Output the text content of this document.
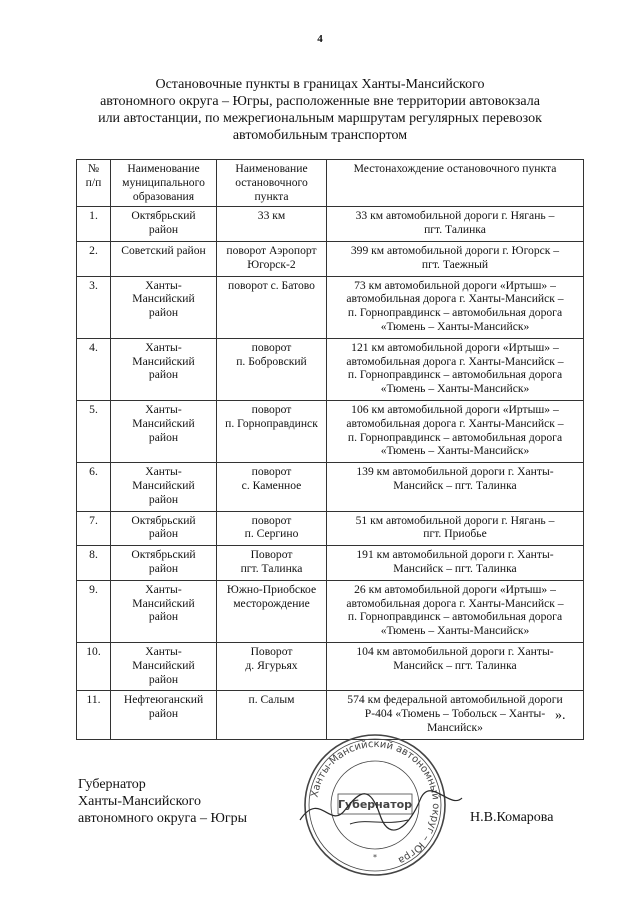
4
Остановочные пункты в границах Ханты-Мансийского
автономного округа – Югры, расположенные вне территории автовокзала
или автостанции, по межрегиональным маршрутам регулярных перевозок
автомобильным транспортом
№
п/п	Наименование
муниципального
образования	Наименование
остановочного
пункта	Местонахождение остановочного пункта
1.	Октябрьский
район	33 км	33 км автомобильной дороги г. Нягань –
пгт. Талинка
2.	Советский район	поворот Аэропорт
Югорск-2	399 км автомобильной дороги г. Югорск –
пгт. Таежный
3.	Ханты-
Мансийский
район	поворот с. Батово	73 км автомобильной дороги «Иртыш» –
автомобильная дорога г. Ханты-Мансийск –
п. Горноправдинск – автомобильная дорога
«Тюмень – Ханты-Мансийск»
4.	Ханты-
Мансийский
район	поворот
п. Бобровский	121 км автомобильной дороги «Иртыш» –
автомобильная дорога г. Ханты-Мансийск –
п. Горноправдинск – автомобильная дорога
«Тюмень – Ханты-Мансийск»
5.	Ханты-
Мансийский
район	поворот
п. Горноправдинск	106 км автомобильной дороги «Иртыш» –
автомобильная дорога г. Ханты-Мансийск –
п. Горноправдинск – автомобильная дорога
«Тюмень – Ханты-Мансийск»
6.	Ханты-
Мансийский
район	поворот
с. Каменное	139 км автомобильной дороги г. Ханты-
Мансийск – пгт. Талинка
7.	Октябрьский
район	поворот
п. Сергино	51 км автомобильной дороги г. Нягань –
пгт. Приобье
8.	Октябрьский
район	Поворот
пгт. Талинка	191 км автомобильной дороги г. Ханты-
Мансийск – пгт. Талинка
9.	Ханты-
Мансийский
район	Южно-Приобское
месторождение	26 км автомобильной дороги «Иртыш» –
автомобильная дорога г. Ханты-Мансийск –
п. Горноправдинск – автомобильная дорога
«Тюмень – Ханты-Мансийск»
10.	Ханты-
Мансийский
район	Поворот
д. Ягурьях	104 км автомобильной дороги г. Ханты-
Мансийск – пгт. Талинка
11.	Нефтеюганский
район	п. Салым	574 км федеральной автомобильной дороги
Р-404 «Тюмень – Тобольск – Ханты-
Мансийск»
».
Ханты-Мансийский автономный округ – Югра
Губернатор
*
Губернатор
Ханты-Мансийского
автономного округа – Югры	Н.В.Комарова
